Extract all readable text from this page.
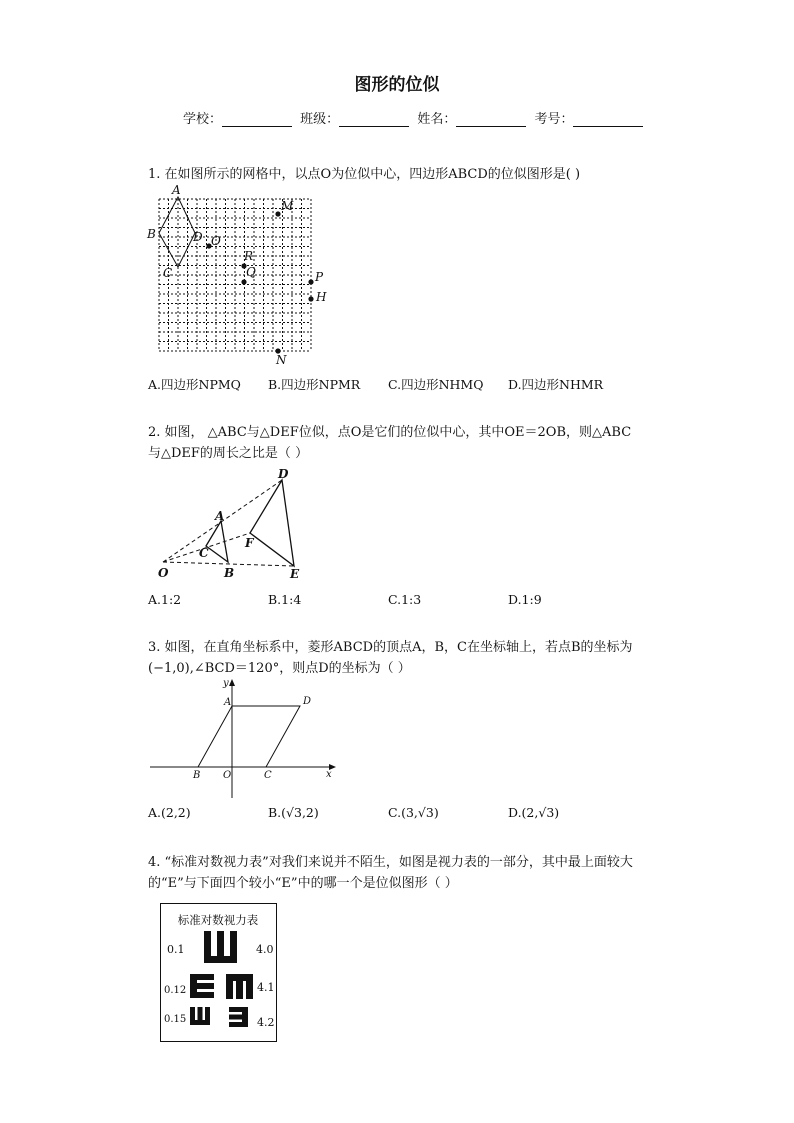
图形的位似
学校：	班级：	姓名：	考号：
1. 在如图所示的网格中，以点O为位似中心，四边形ABCD的位似图形是( )
A
B
C
D O
M
R
Q	P
H
N
A.四边形NPMQ B.四边形NPMR C.四边形NHMQ D.四边形NHMR
2. 如图， △ABC与△DEF位似，点O是它们的位似中心，其中OE＝2OB，则△ABC
与△DEF的周长之比是（ ）
D
A
F
C
O	B	E
A.1:2	B.1:4	C.1:3	D.1:9
3. 如图，在直角坐标系中，菱形ABCD的顶点A，B，C在坐标轴上，若点B的坐标为
(−1,0),∠BCD＝120°，则点D的坐标为（ ）
y
A	D
B O	C	x
A.(2,2)	B.(√3,2)	C.(3,√3)	D.(2,√3)
4. “标准对数视力表”对我们来说并不陌生，如图是视力表的一部分，其中最上面较大
的“E”与下面四个较小“E”中的哪一个是位似图形（ ）
标准对数视力表
0.1	4.0
0.12	4.1
0.15	4.2
